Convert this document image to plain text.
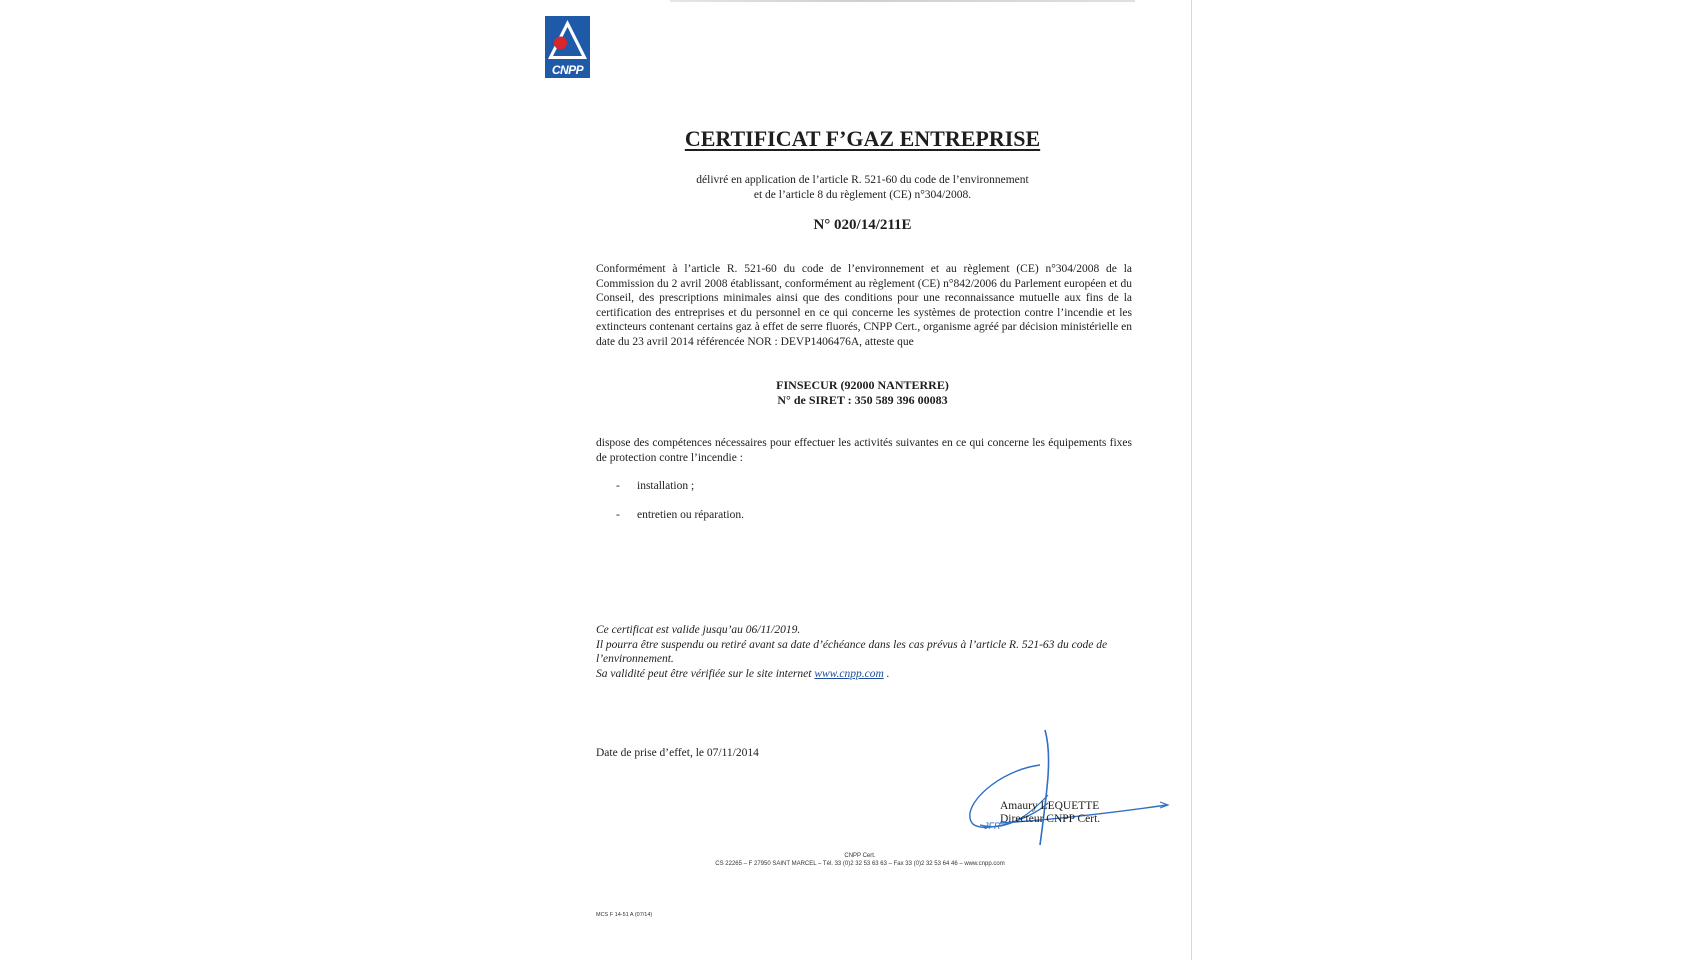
CNPP
CERTIFICAT F’GAZ ENTREPRISE
délivré en application de l’article R. 521-60 du code de l’environnement
et de l’article 8 du règlement (CE) n°304/2008.
N° 020/14/211E
Conformément à l’article R. 521-60 du code de l’environnement et au règlement (CE) n°304/2008 de la Commission du 2 avril 2008 établissant, conformément au règlement (CE) n°842/2006 du Parlement européen et du Conseil, des prescriptions minimales ainsi que des conditions pour une reconnaissance mutuelle aux fins de la certification des entreprises et du personnel en ce qui concerne les systèmes de protection contre l’incendie et les extincteurs contenant certains gaz à effet de serre fluorés, CNPP Cert., organisme agréé par décision ministérielle en date du 23 avril 2014 référencée NOR : DEVP1406476A, atteste que
FINSECUR (92000 NANTERRE)
N° de SIRET : 350 589 396 00083
dispose des compétences nécessaires pour effectuer les activités suivantes en ce qui concerne les équipements fixes de protection contre l’incendie :
- installation ;
- entretien ou réparation.
Ce certificat est valide jusqu’au 06/11/2019.
Il pourra être suspendu ou retiré avant sa date d’échéance dans les cas prévus à l’article R. 521-63 du code de l’environnement.
Sa validité peut être vérifiée sur le site internet www.cnpp.com .
Date de prise d’effet, le 07/11/2014
JFR
Amaury LEQUETTE
Directeur CNPP Cert.
CNPP Cert.
CS 22265 – F 27950 SAINT MARCEL – Tél. 33 (0)2 32 53 63 63 – Fax 33 (0)2 32 53 64 46 – www.cnpp.com
MCS F 14-51 A (07/14)
